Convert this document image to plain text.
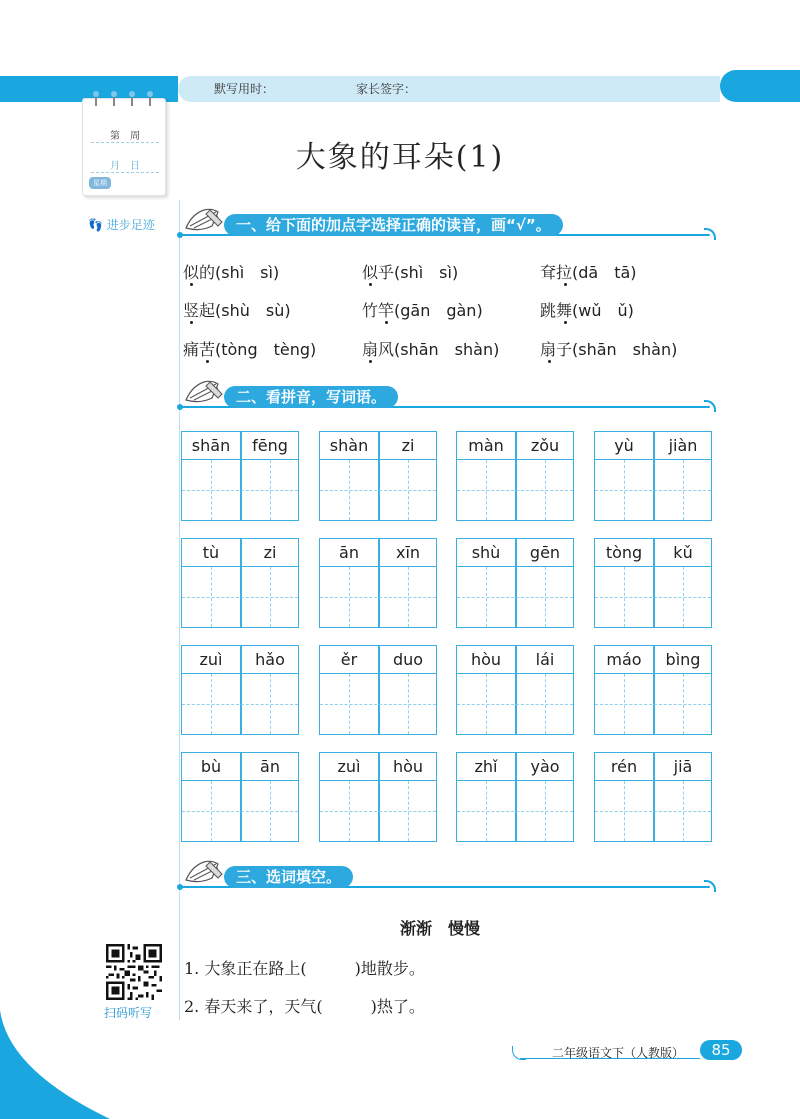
默写用时：	家长签字：
第　周
月　日
星期
👣 进步足迹
大象的耳朵(1)
一、给下面的加点字选择正确的读音，画“√”。
似的(shì　sì)	似乎(shì　sì)	耷拉(dā　tā)
竖起(shù　sù)	竹竿(gān　gàn)	跳舞(wǔ　ǔ)
痛苦(tòng　tèng)	扇风(shān　shàn)	扇子(shān　shàn)
二、看拼音，写词语。
shān	fēng	shàn	zi	màn	zǒu	yù	jiàn
tù	zi	ān	xīn	shù	gēn	tòng	kǔ
zuì	hǎo	ěr	duo	hòu	lái	máo	bìng
bù	ān	zuì	hòu	zhǐ	yào	rén	jiā
三、选词填空。
渐渐　慢慢
1. 大象正在路上(　　　)地散步。
2. 春天来了，天气(　　　)热了。
扫码听写
二年级语文下（人教版）	85
